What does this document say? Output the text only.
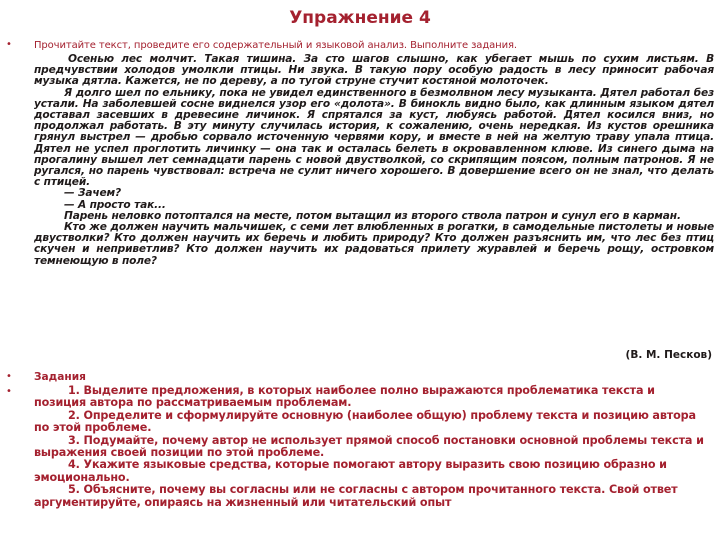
Упражнение 4
• Прочитайте текст, проведите его содержательный и языковой анализ. Выполните задания.

Осенью лес молчит. Такая тишина. За сто шагов слышно, как убегает мышь по сухим листьям. В предчувствии холодов умолкли птицы. Ни звука. В такую пору особую радость в лесу приносит рабочая музыка дятла. Кажется, не по дереву, а по тугой струне стучит костяной молоточек.

Я долго шел по ельнику, пока не увидел единственного в безмолвном лесу музыканта. Дятел работал без устали. На заболевшей сосне виднелся узор его «долота». В бинокль видно было, как длинным языком дятел доставал засевших в древесине личинок. Я спрятался за куст, любуясь работой. Дятел косился вниз, но продолжал работать. В эту минуту случилась история, к сожалению, очень нередкая. Из кустов орешника грянул выстрел — дробью сорвало источенную червями кору, и вместе в ней на желтую траву упала птица. Дятел не успел проглотить личинку — она так и осталась белеть в окровавленном клюве. Из синего дыма на прогалину вышел лет семнадцати парень с новой двустволкой, со скрипящим поясом, полным патронов. Я не ругался, но парень чувствовал: встреча не сулит ничего хорошего. В довершение всего он не знал, что делать с птицей.

— Зачем?

— А просто так...

Парень неловко потоптался на месте, потом вытащил из второго ствола патрон и сунул его в карман.

Кто же должен научить мальчишек, с семи лет влюбленных в рогатки, в самодельные пистолеты и новые двустволки? Кто должен научить их беречь и любить природу? Кто должен разъяснить им, что лес без птиц скучен и неприветлив? Кто должен научить их радоваться прилету журавлей и беречь рощу, островком темнеющую в поле?

(В. М. Песков)
• Задания
•	1. Выделите предложения, в которых наиболее полно выражаются проблематика текста и позиция автора по рассматриваемым проблемам.

2. Определите и сформулируйте основную (наиболее общую) проблему текста и позицию автора по этой проблеме.

3. Подумайте, почему автор не использует прямой способ постановки основной проблемы текста и выражения своей позиции по этой проблеме.

4. Укажите языковые средства, которые помогают автору выразить свою позицию образно и эмоционально.

5. Объясните, почему вы согласны или не согласны с автором прочитанного текста. Свой ответ аргументируйте, опираясь на жизненный или читательский опыт
